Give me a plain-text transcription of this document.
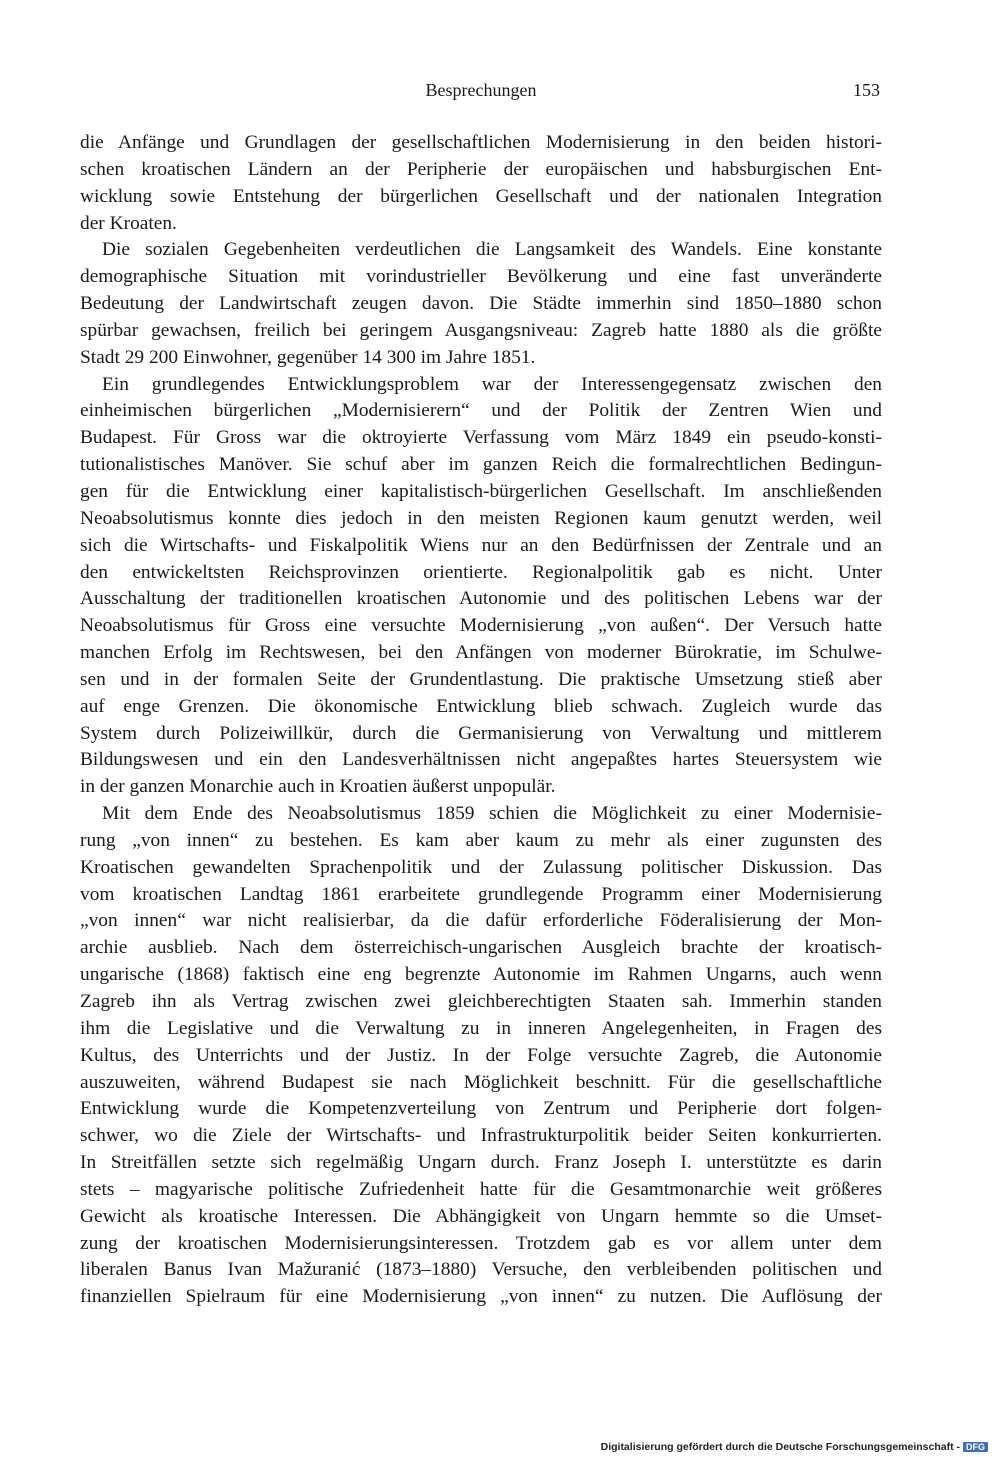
Besprechungen	153
die Anfänge und Grundlagen der gesellschaftlichen Modernisierung in den beiden histori-
schen kroatischen Ländern an der Peripherie der europäischen und habsburgischen Ent-
wicklung sowie Entstehung der bürgerlichen Gesellschaft und der nationalen Integration
der Kroaten.
Die sozialen Gegebenheiten verdeutlichen die Langsamkeit des Wandels. Eine konstante
demographische Situation mit vorindustrieller Bevölkerung und eine fast unveränderte
Bedeutung der Landwirtschaft zeugen davon. Die Städte immerhin sind 1850–1880 schon
spürbar gewachsen, freilich bei geringem Ausgangsniveau: Zagreb hatte 1880 als die größte
Stadt 29 200 Einwohner, gegenüber 14 300 im Jahre 1851.
Ein grundlegendes Entwicklungsproblem war der Interessengegensatz zwischen den
einheimischen bürgerlichen „Modernisierern“ und der Politik der Zentren Wien und
Budapest. Für Gross war die oktroyierte Verfassung vom März 1849 ein pseudo-konsti-
tutionalistisches Manöver. Sie schuf aber im ganzen Reich die formalrechtlichen Bedingun-
gen für die Entwicklung einer kapitalistisch-bürgerlichen Gesellschaft. Im anschließenden
Neoabsolutismus konnte dies jedoch in den meisten Regionen kaum genutzt werden, weil
sich die Wirtschafts- und Fiskalpolitik Wiens nur an den Bedürfnissen der Zentrale und an
den entwickeltsten Reichsprovinzen orientierte. Regionalpolitik gab es nicht. Unter
Ausschaltung der traditionellen kroatischen Autonomie und des politischen Lebens war der
Neoabsolutismus für Gross eine versuchte Modernisierung „von außen“. Der Versuch hatte
manchen Erfolg im Rechtswesen, bei den Anfängen von moderner Bürokratie, im Schulwe-
sen und in der formalen Seite der Grundentlastung. Die praktische Umsetzung stieß aber
auf enge Grenzen. Die ökonomische Entwicklung blieb schwach. Zugleich wurde das
System durch Polizeiwillkür, durch die Germanisierung von Verwaltung und mittlerem
Bildungswesen und ein den Landesverhältnissen nicht angepaßtes hartes Steuersystem wie
in der ganzen Monarchie auch in Kroatien äußerst unpopulär.
Mit dem Ende des Neoabsolutismus 1859 schien die Möglichkeit zu einer Modernisie-
rung „von innen“ zu bestehen. Es kam aber kaum zu mehr als einer zugunsten des
Kroatischen gewandelten Sprachenpolitik und der Zulassung politischer Diskussion. Das
vom kroatischen Landtag 1861 erarbeitete grundlegende Programm einer Modernisierung
„von innen“ war nicht realisierbar, da die dafür erforderliche Föderalisierung der Mon-
archie ausblieb. Nach dem österreichisch-ungarischen Ausgleich brachte der kroatisch-
ungarische (1868) faktisch eine eng begrenzte Autonomie im Rahmen Ungarns, auch wenn
Zagreb ihn als Vertrag zwischen zwei gleichberechtigten Staaten sah. Immerhin standen
ihm die Legislative und die Verwaltung zu in inneren Angelegenheiten, in Fragen des
Kultus, des Unterrichts und der Justiz. In der Folge versuchte Zagreb, die Autonomie
auszuweiten, während Budapest sie nach Möglichkeit beschnitt. Für die gesellschaftliche
Entwicklung wurde die Kompetenzverteilung von Zentrum und Peripherie dort folgen-
schwer, wo die Ziele der Wirtschafts- und Infrastrukturpolitik beider Seiten konkurrierten.
In Streitfällen setzte sich regelmäßig Ungarn durch. Franz Joseph I. unterstützte es darin
stets – magyarische politische Zufriedenheit hatte für die Gesamtmonarchie weit größeres
Gewicht als kroatische Interessen. Die Abhängigkeit von Ungarn hemmte so die Umset-
zung der kroatischen Modernisierungsinteressen. Trotzdem gab es vor allem unter dem
liberalen Banus Ivan Mažuranić (1873–1880) Versuche, den verbleibenden politischen und
finanziellen Spielraum für eine Modernisierung „von innen“ zu nutzen. Die Auflösung der
Digitalisierung gefördert durch die Deutsche Forschungsgemeinschaft - DFG
